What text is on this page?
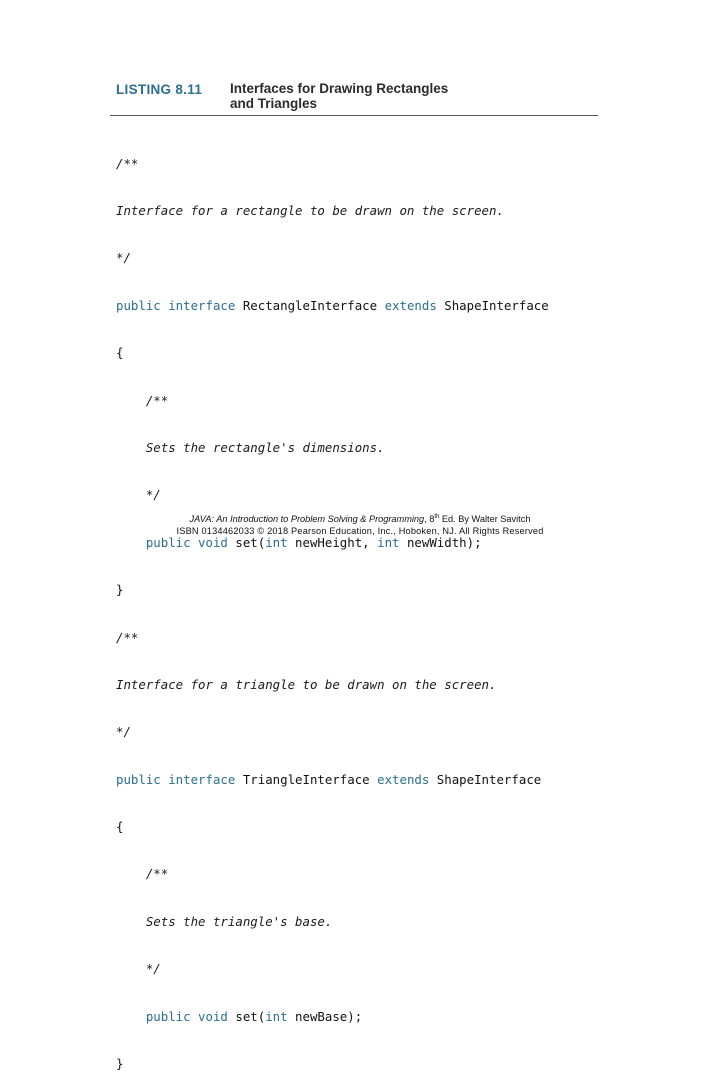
LISTING 8.11 Interfaces for Drawing Rectangles
and Triangles

/**

Interface for a rectangle to be drawn on the screen.

*/

public interface RectangleInterface extends ShapeInterface

{

/**

Sets the rectangle's dimensions.

*/

public void set(int newHeight, int newWidth);

}

/**

Interface for a triangle to be drawn on the screen.

*/

public interface TriangleInterface extends ShapeInterface

{

/**

Sets the triangle's base.

*/

public void set(int newBase);

}

JAVA: An Introduction to Problem Solving & Programming, 8th Ed. By Walter Savitch
ISBN 0134462033 © 2018 Pearson Education, Inc., Hoboken, NJ. All Rights Reserved
